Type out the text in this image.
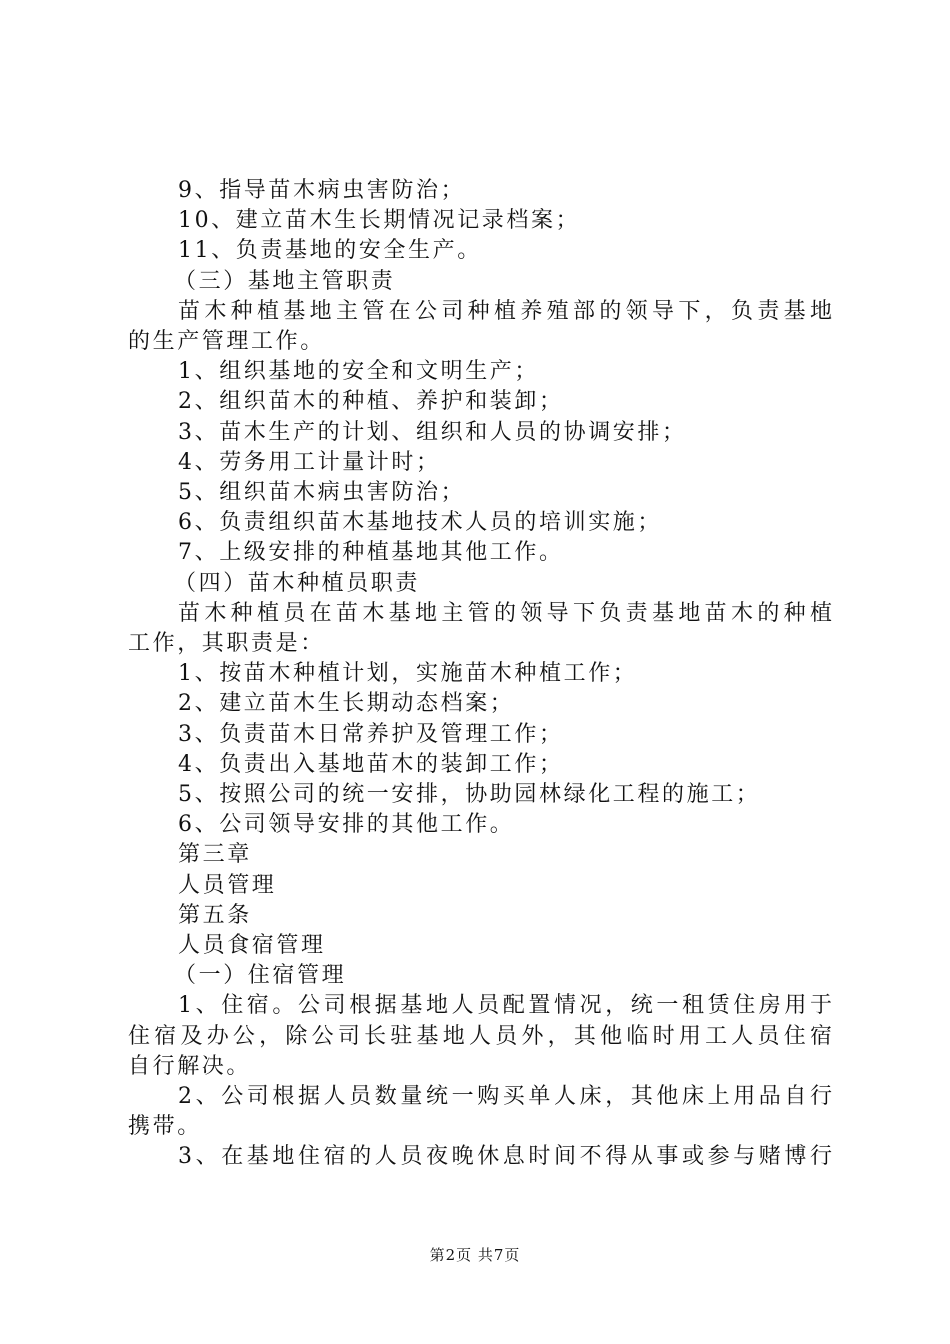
9、指导苗木病虫害防治；

10、建立苗木生长期情况记录档案；

11、负责基地的安全生产。

（三）基地主管职责

苗木种植基地主管在公司种植养殖部的领导下，负责基地

的生产管理工作。

1、组织基地的安全和文明生产；

2、组织苗木的种植、养护和装卸；

3、苗木生产的计划、组织和人员的协调安排；

4、劳务用工计量计时；

5、组织苗木病虫害防治；

6、负责组织苗木基地技术人员的培训实施；

7、上级安排的种植基地其他工作。

（四）苗木种植员职责

苗木种植员在苗木基地主管的领导下负责基地苗木的种植

工作，其职责是：

1、按苗木种植计划，实施苗木种植工作；

2、建立苗木生长期动态档案；

3、负责苗木日常养护及管理工作；

4、负责出入基地苗木的装卸工作；

5、按照公司的统一安排，协助园林绿化工程的施工；

6、公司领导安排的其他工作。

第三章

人员管理

第五条

人员食宿管理

（一）住宿管理

1、住宿。公司根据基地人员配置情况，统一租赁住房用于

住宿及办公，除公司长驻基地人员外，其他临时用工人员住宿

自行解决。

2、公司根据人员数量统一购买单人床，其他床上用品自行

携带。

3、在基地住宿的人员夜晚休息时间不得从事或参与赌博行

第2页 共7页
